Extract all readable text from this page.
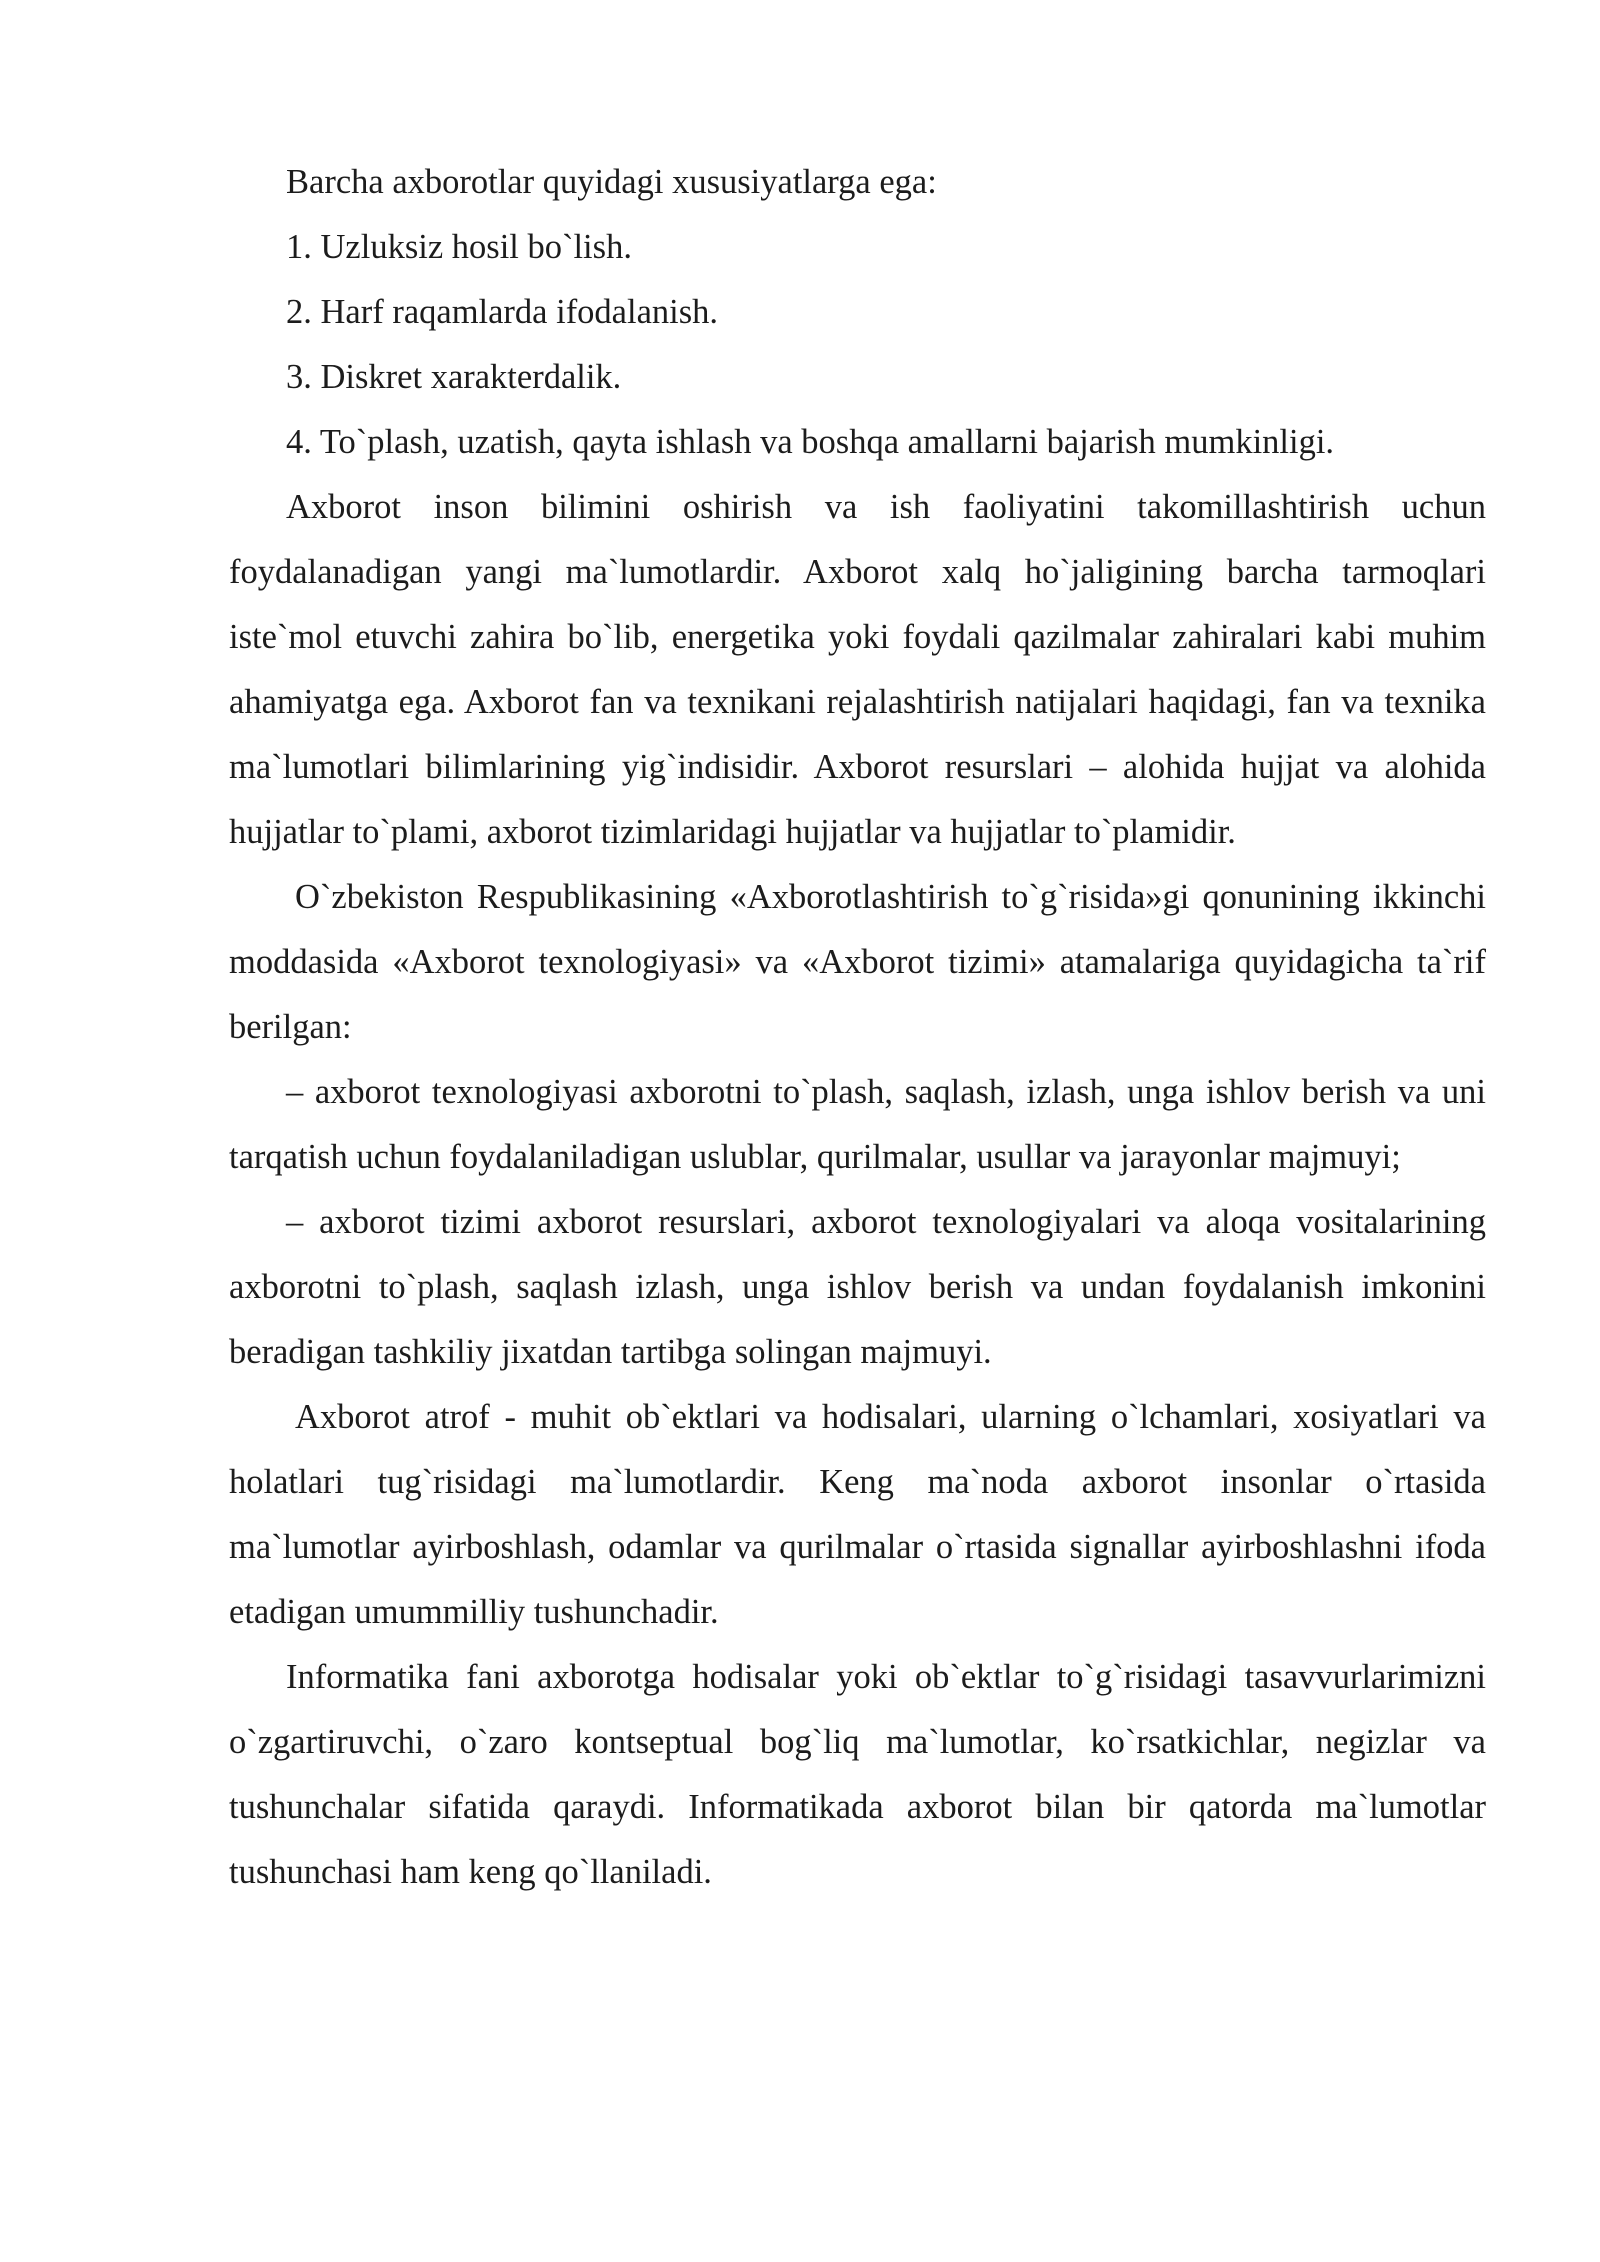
Barcha axborotlar quyidagi xususiyatlarga ega:

1. Uzluksiz hosil bo`lish.

2. Harf raqamlarda ifodalanish.

3. Diskret xarakterdalik.

4. To`plash, uzatish, qayta ishlash va boshqa amallarni bajarish mumkinligi.

Axborot inson bilimini oshirish va ish faoliyatini takomillashtirish uchun foydalanadigan yangi ma`lumotlardir. Axborot xalq ho`jaligining barcha tarmoqlari iste`mol etuvchi zahira bo`lib, energetika yoki foydali qazilmalar zahiralari kabi muhim ahamiyatga ega. Axborot fan va texnikani rejalashtirish natijalari haqidagi, fan va texnika ma`lumotlari bilimlarining yig`indisidir. Axborot resurslari – alohida hujjat va alohida hujjatlar to`plami, axborot tizimlaridagi hujjatlar va hujjatlar to`plamidir.

O`zbekiston Respublikasining «Axborotlashtirish to`g`risida»gi qonunining ikkinchi moddasida «Axborot texnologiyasi» va «Axborot tizimi» atamalariga quyidagicha ta`rif berilgan:

– axborot texnologiyasi axborotni to`plash, saqlash, izlash, unga ishlov berish va uni tarqatish uchun foydalaniladigan uslublar, qurilmalar, usullar va jarayonlar majmuyi;

– axborot tizimi axborot resurslari, axborot texnologiyalari va aloqa vositalarining axborotni to`plash, saqlash izlash, unga ishlov berish va undan foydalanish imkonini beradigan tashkiliy jixatdan tartibga solingan majmuyi.

Axborot atrof - muhit ob`ektlari va hodisalari, ularning o`lchamlari, xosiyatlari va holatlari tug`risidagi ma`lumotlardir. Keng ma`noda axborot insonlar o`rtasida ma`lumotlar ayirboshlash, odamlar va qurilmalar o`rtasida signallar ayirboshlashni ifoda etadigan umummilliy tushunchadir.

Informatika fani axborotga hodisalar yoki ob`ektlar to`g`risidagi tasavvurlarimizni o`zgartiruvchi, o`zaro kontseptual bog`liq ma`lumotlar, ko`rsatkichlar, negizlar va tushunchalar sifatida qaraydi. Informatikada axborot bilan bir qatorda ma`lumotlar tushunchasi ham keng qo`llaniladi.
